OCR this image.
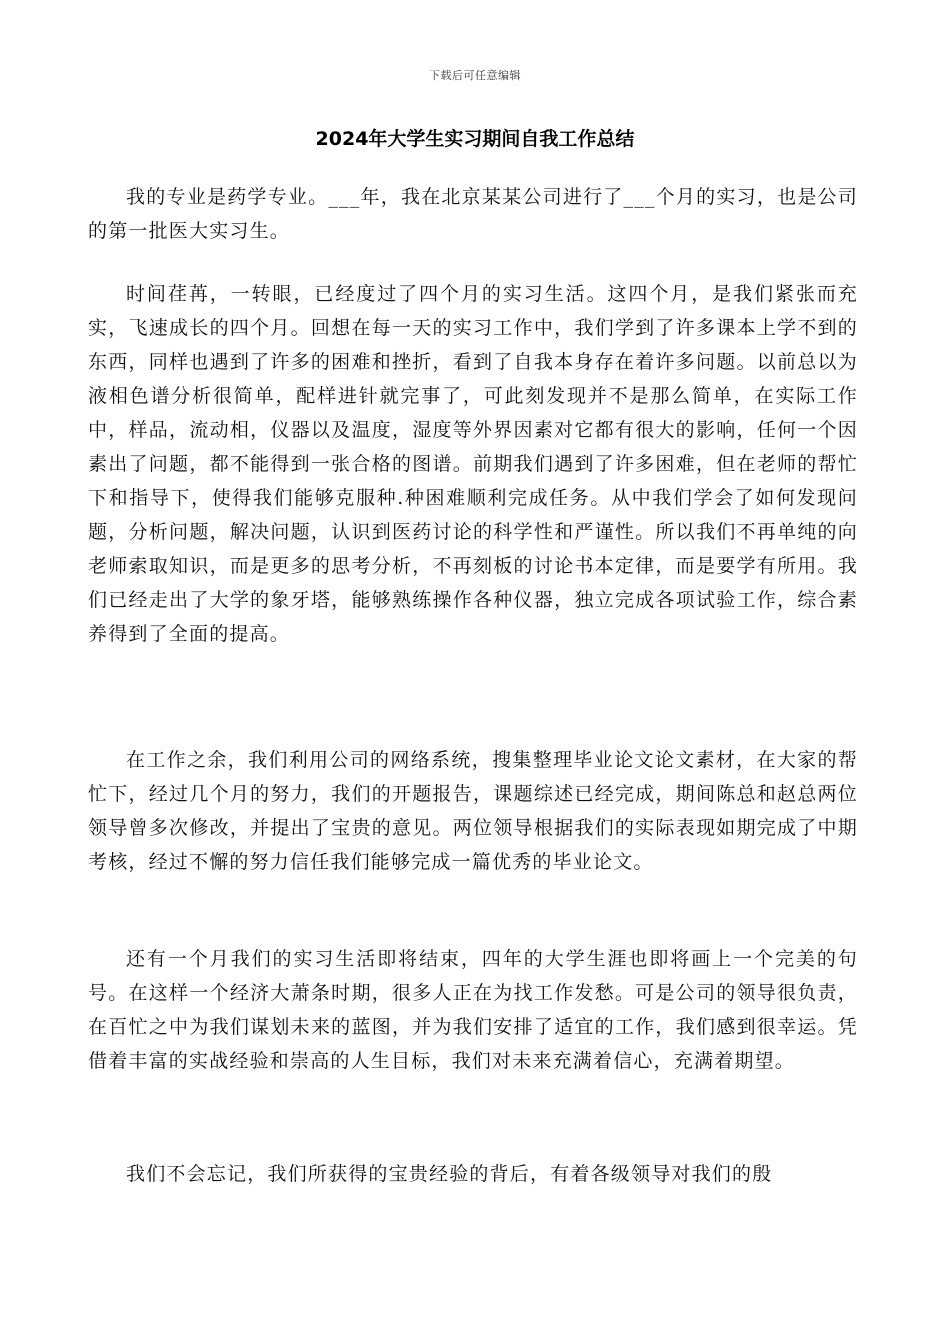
下载后可任意编辑
2024年大学生实习期间自我工作总结

我的专业是药学专业。___年，我在北京某某公司进行了___个月的实习，也是公司的第一批医大实习生。

时间荏苒，一转眼，已经度过了四个月的实习生活。这四个月，是我们紧张而充实，飞速成长的四个月。回想在每一天的实习工作中，我们学到了许多课本上学不到的东西，同样也遇到了许多的困难和挫折，看到了自我本身存在着许多问题。以前总以为液相色谱分析很简单，配样进针就完事了，可此刻发现并不是那么简单，在实际工作中，样品，流动相，仪器以及温度，湿度等外界因素对它都有很大的影响，任何一个因素出了问题，都不能得到一张合格的图谱。前期我们遇到了许多困难，但在老师的帮忙下和指导下，使得我们能够克服种.种困难顺利完成任务。从中我们学会了如何发现问题，分析问题，解决问题，认识到医药讨论的科学性和严谨性。所以我们不再单纯的向老师索取知识，而是更多的思考分析，不再刻板的讨论书本定律，而是要学有所用。我们已经走出了大学的象牙塔，能够熟练操作各种仪器，独立完成各项试验工作，综合素养得到了全面的提高。

在工作之余，我们利用公司的网络系统，搜集整理毕业论文论文素材，在大家的帮忙下，经过几个月的努力，我们的开题报告，课题综述已经完成，期间陈总和赵总两位领导曾多次修改，并提出了宝贵的意见。两位领导根据我们的实际表现如期完成了中期考核，经过不懈的努力信任我们能够完成一篇优秀的毕业论文。

还有一个月我们的实习生活即将结束，四年的大学生涯也即将画上一个完美的句号。在这样一个经济大萧条时期，很多人正在为找工作发愁。可是公司的领导很负责，在百忙之中为我们谋划未来的蓝图，并为我们安排了适宜的工作，我们感到很幸运。凭借着丰富的实战经验和崇高的人生目标，我们对未来充满着信心，充满着期望。

我们不会忘记，我们所获得的宝贵经验的背后，有着各级领导对我们的殷
